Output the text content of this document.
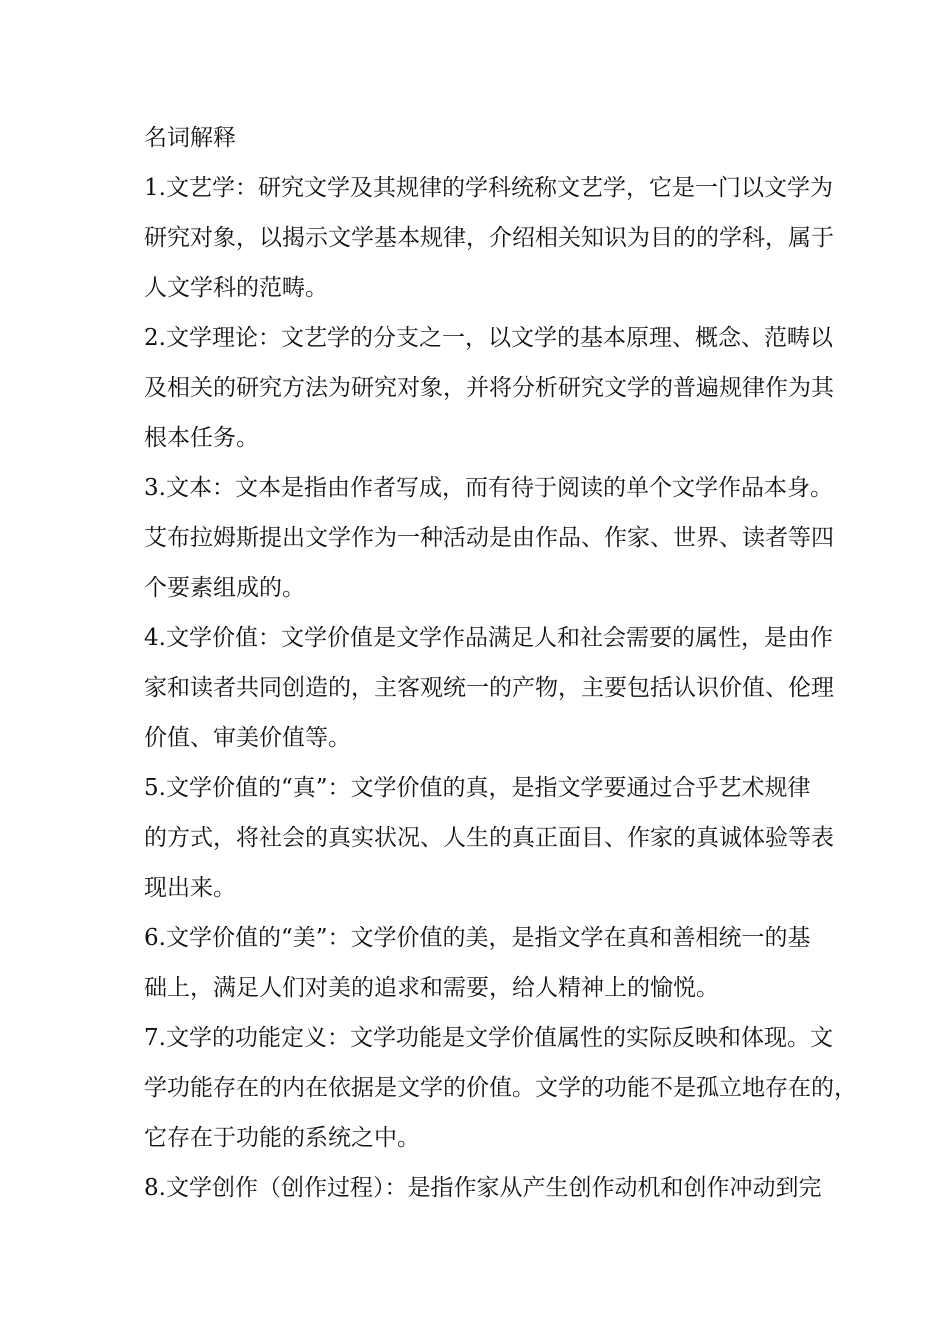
名词解释
1.文艺学：研究文学及其规律的学科统称文艺学，它是一门以文学为
研究对象，以揭示文学基本规律，介绍相关知识为目的的学科，属于
人文学科的范畴。
2.文学理论：文艺学的分支之一，以文学的基本原理、概念、范畴以
及相关的研究方法为研究对象，并将分析研究文学的普遍规律作为其
根本任务。
3.文本：文本是指由作者写成，而有待于阅读的单个文学作品本身。
艾布拉姆斯提出文学作为一种活动是由作品、作家、世界、读者等四
个要素组成的。
4.文学价值：文学价值是文学作品满足人和社会需要的属性，是由作
家和读者共同创造的，主客观统一的产物，主要包括认识价值、伦理
价值、审美价值等。
5.文学价值的“真”：文学价值的真，是指文学要通过合乎艺术规律
的方式，将社会的真实状况、人生的真正面目、作家的真诚体验等表
现出来。
6.文学价值的“美”：文学价值的美，是指文学在真和善相统一的基
础上，满足人们对美的追求和需要，给人精神上的愉悦。
7.文学的功能定义：文学功能是文学价值属性的实际反映和体现。文
学功能存在的内在依据是文学的价值。文学的功能不是孤立地存在的，
它存在于功能的系统之中。
8.文学创作（创作过程）：是指作家从产生创作动机和创作冲动到完
